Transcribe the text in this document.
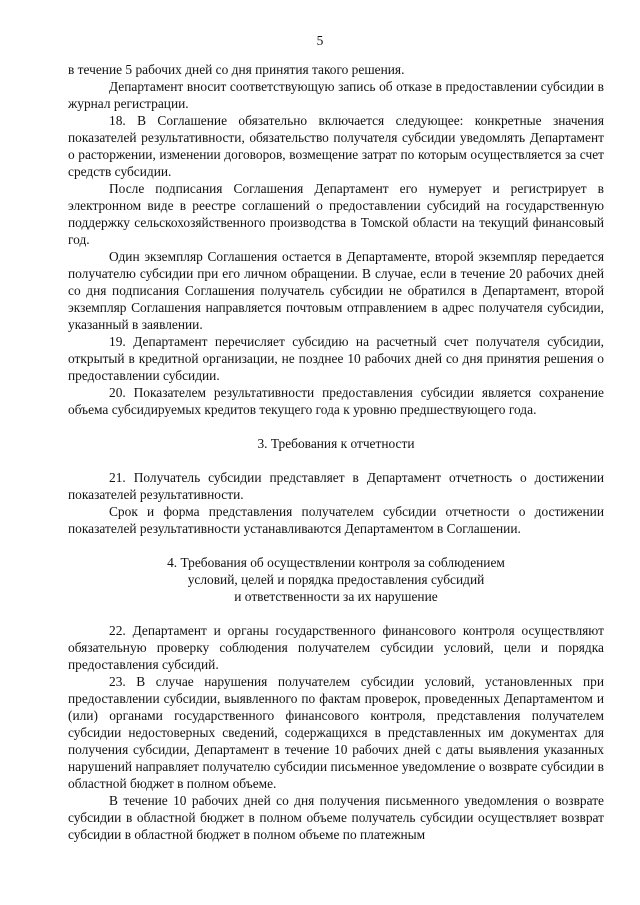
5

в течение 5 рабочих дней со дня принятия такого решения.

Департамент вносит соответствующую запись об отказе в предоставлении субсидии в журнал регистрации.

18. В Соглашение обязательно включается следующее: конкретные значения показателей результативности, обязательство получателя субсидии уведомлять Департамент о расторжении, изменении договоров, возмещение затрат по которым осуществляется за счет средств субсидии.

После подписания Соглашения Департамент его нумерует и регистрирует в электронном виде в реестре соглашений о предоставлении субсидий на государственную поддержку сельскохозяйственного производства в Томской области на текущий финансовый год.

Один экземпляр Соглашения остается в Департаменте, второй экземпляр передается получателю субсидии при его личном обращении. В случае, если в течение 20 рабочих дней со дня подписания Соглашения получатель субсидии не обратился в Департамент, второй экземпляр Соглашения направляется почтовым отправлением в адрес получателя субсидии, указанный в заявлении.

19. Департамент перечисляет субсидию на расчетный счет получателя субсидии, открытый в кредитной организации, не позднее 10 рабочих дней со дня принятия решения о предоставлении субсидии.

20. Показателем результативности предоставления субсидии является сохранение объема субсидируемых кредитов текущего года к уровню предшествующего года.

3. Требования к отчетности

21. Получатель субсидии представляет в Департамент отчетность о достижении показателей результативности.

Срок и форма представления получателем субсидии отчетности о достижении показателей результативности устанавливаются Департаментом в Соглашении.

4. Требования об осуществлении контроля за соблюдением
условий, целей и порядка предоставления субсидий
и ответственности за их нарушение

22. Департамент и органы государственного финансового контроля осуществляют обязательную проверку соблюдения получателем субсидии условий, цели и порядка предоставления субсидий.

23. В случае нарушения получателем субсидии условий, установленных при предоставлении субсидии, выявленного по фактам проверок, проведенных Департаментом и (или) органами государственного финансового контроля, представления получателем субсидии недостоверных сведений, содержащихся в представленных им документах для получения субсидии, Департамент в течение 10 рабочих дней с даты выявления указанных нарушений направляет получателю субсидии письменное уведомление о возврате субсидии в областной бюджет в полном объеме.

В течение 10 рабочих дней со дня получения письменного уведомления о возврате субсидии в областной бюджет в полном объеме получатель субсидии осуществляет возврат субсидии в областной бюджет в полном объеме по платежным
